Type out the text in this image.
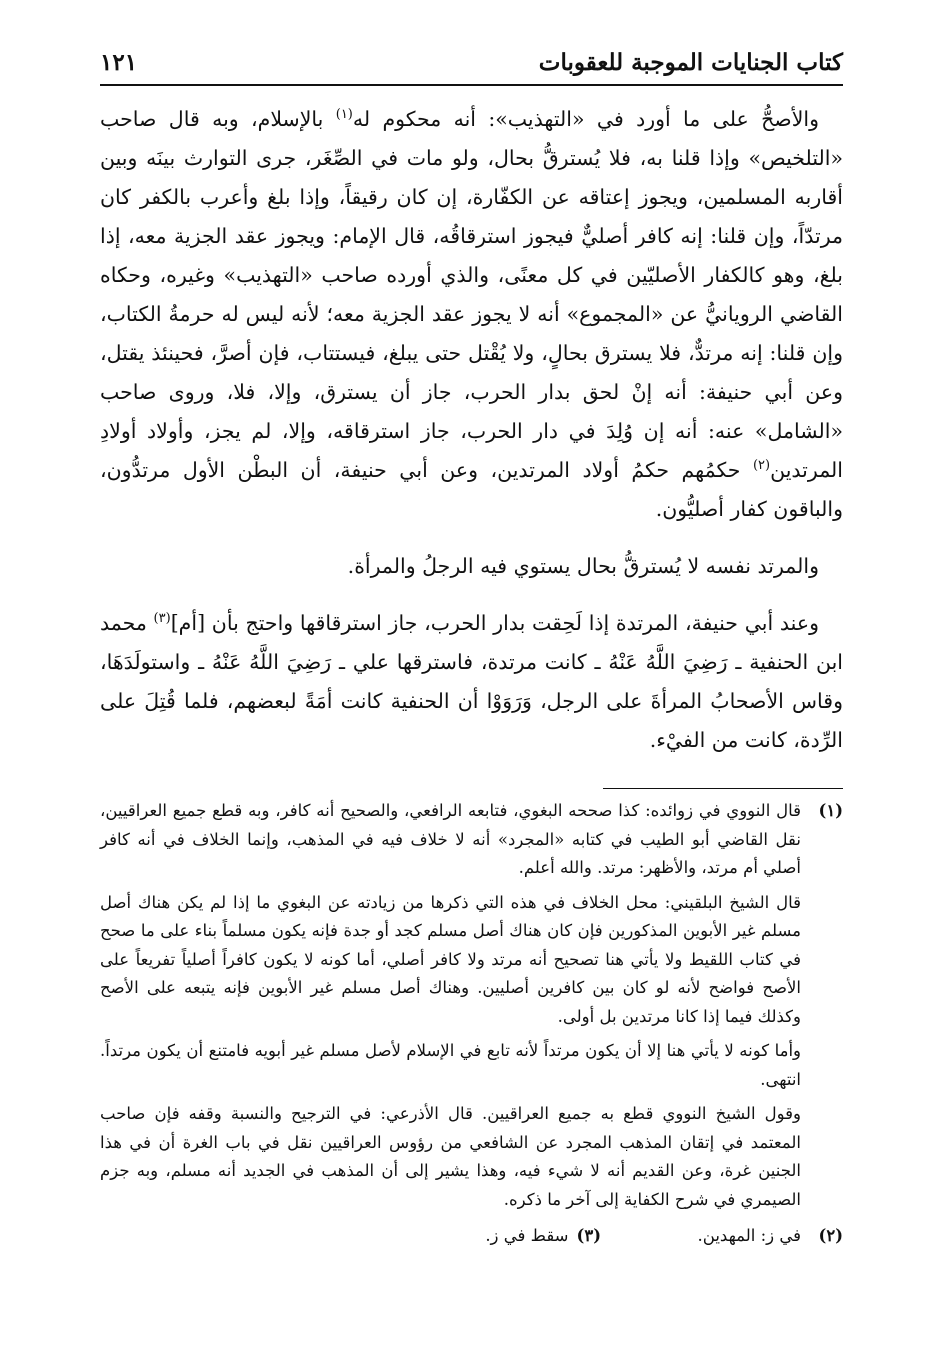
كتاب الجنايات الموجبة للعقوبات
١٢١

والأصحُّ على ما أورد في «التهذيب»: أنه محكوم له$^{(١)}$ بالإسلام، وبه قال صاحب «التلخيص» وإذا قلنا به، فلا يُسترقُّ بحال، ولو مات في الصِّغَر، جرى التوارث بينَه وبين أقاربه المسلمين، ويجوز إعتاقه عن الكفّارة، إن كان رقيقاً، وإذا بلغ وأعرب بالكفر كان مرتدّاً، وإن قلنا: إنه كافر أصليٌّ فيجوز استرقاقُه، قال الإمام: ويجوز عقد الجزية معه، إذا بلغ، وهو كالكفار الأصليّين في كل معنًى، والذي أورده صاحب «التهذيب» وغيره، وحكاه القاضي الرويانيُّ عن «المجموع» أنه لا يجوز عقد الجزية معه؛ لأنه ليس له حرمةُ الكتاب، وإن قلنا: إنه مرتدٌّ، فلا يسترق بحالٍ، ولا يُقْتل حتى يبلغ، فيستتاب، فإن أصرَّ، فحينئذ يقتل، وعن أبي حنيفة: أنه إنْ لحق بدار الحرب، جاز أن يسترق، وإلا، فلا، وروى صاحب «الشامل» عنه: أنه إن وُلِدَ في دار الحرب، جاز استرقاقه، وإلا، لم يجز، وأولاد أولادِ المرتدين$^{(٢)}$ حكمُهم حكمُ أولاد المرتدين، وعن أبي حنيفة، أن البطْن الأول مرتدُّون، والباقون كفار أصليُّون.

والمرتد نفسه لا يُسترقُّ بحال يستوي فيه الرجلُ والمرأة.

وعند أبي حنيفة، المرتدة إذا لَحِقت بدار الحرب، جاز استرقاقها واحتج بأن [أم]$^{(٣)}$ محمد ابن الحنفية ـ رَضِيَ اللَّهُ عَنْهُ ـ كانت مرتدة، فاسترقها علي ـ رَضِيَ اللَّهُ عَنْهُ ـ واستولَدَهَا، وقاس الأصحابُ المرأةَ على الرجل، وَرَوَوْا أن الحنفية كانت أمَةً لبعضهم، فلما قُتِلَ على الرِّدة، كانت من الفيْء.

(١)

قال النووي في زوائده: كذا صححه البغوي، فتابعه الرافعي، والصحيح أنه كافر، وبه قطع جميع العراقيين، نقل القاضي أبو الطيب في كتابه «المجرد» أنه لا خلاف فيه في المذهب، وإنما الخلاف في أنه كافر أصلي أم مرتد، والأظهر: مرتد. والله أعلم.

قال الشيخ البلقيني: محل الخلاف في هذه التي ذكرها من زيادته عن البغوي ما إذا لم يكن هناك أصل مسلم غير الأبوين المذكورين فإن كان هناك أصل مسلم كجد أو جدة فإنه يكون مسلماً بناء على ما صحح في كتاب اللقيط ولا يأتي هنا تصحيح أنه مرتد ولا كافر أصلي، أما كونه لا يكون كافراً أصلياً تفريعاً على الأصح فواضح لأنه لو كان بين كافرين أصليين. وهناك أصل مسلم غير الأبوين فإنه يتبعه على الأصح وكذلك فيما إذا كانا مرتدين بل أولى.

وأما كونه لا يأتي هنا إلا أن يكون مرتداً لأنه تابع في الإسلام لأصل مسلم غير أبويه فامتنع أن يكون مرتداً. انتهى.

وقول الشيخ النووي قطع به جميع العراقيين. قال الأذرعي: في الترجيح والنسبة وقفه فإن صاحب المعتمد في إتقان المذهب المجرد عن الشافعي من رؤوس العراقيين نقل في باب الغرة أن في هذا الجنين غرة، وعن القديم أنه لا شيء فيه، وهذا يشير إلى أن المذهب في الجديد أنه مسلم، وبه جزم الصيمري في شرح الكفاية إلى آخر ما ذكره.

(٢)
في ز: المهدين.
(٣)
سقط في ز.
